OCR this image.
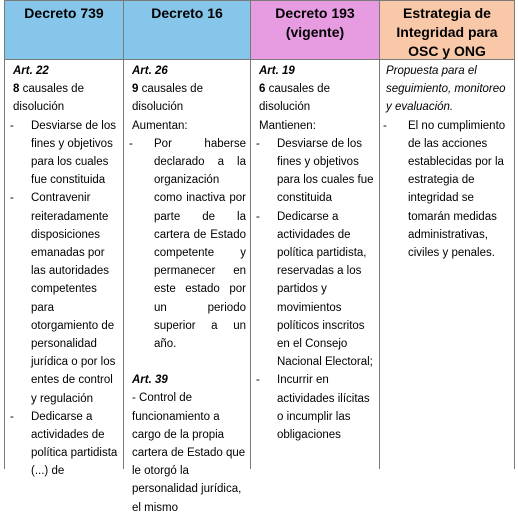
Decreto 739	Decreto 16	Decreto 193 (vigente)
Estrategia de Integridad para OSC y ONG
Art. 22

8 causales de disolución

- Desviarse de los fines y objetivos para los cuales fue constituida
- Contravenir reiteradamente disposiciones emanadas por las autoridades competentes para otorgamiento de personalidad jurídica o por los entes de control y regulación
- Dedicarse a actividades de política partidista (...) de
Art. 26

9 causales de disolución

Aumentan:

- Por haberse declarado a la organización como inactiva por parte de la cartera de Estado competente y permanecer en este estado por un periodo superior a un año.
Art. 39

- Control de funcionamiento a cargo de la propia cartera de Estado que le otorgó la personalidad jurídica, el mismo

Art. 19

6 causales de disolución

Mantienen:

- Desviarse de los fines y objetivos para los cuales fue constituida
- Dedicarse a actividades de política partidista, reservadas a los partidos y movimientos políticos inscritos en el Consejo Nacional Electoral;
- Incurrir en actividades ilícitas o incumplir las obligaciones

Propuesta para el seguimiento, monitoreo y evaluación.

- El no cumplimiento de las acciones establecidas por la estrategia de integridad se tomarán medidas administrativas, civiles y penales.
